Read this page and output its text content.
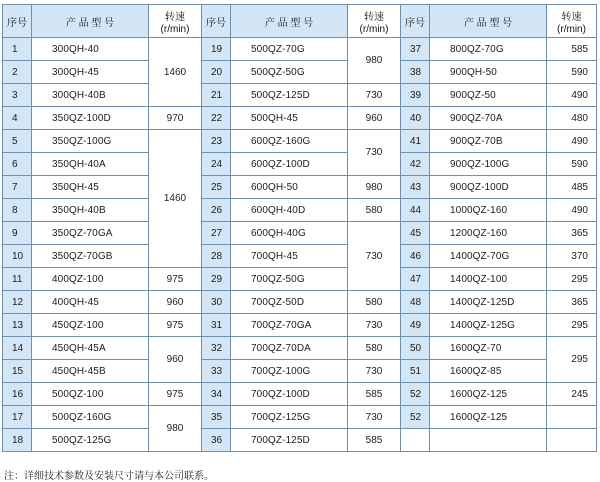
序号	产 品 型 号	转速
(r/min)	序号	产 品 型 号	转速
(r/min)	序号	产 品 型 号	转速
(r/min)

1	300QH-40	1460	19	500QZ-70G	980	37	800QZ-70G	585
2	300QH-45		20	500QZ-50G		38	900QH-50	590
3	300QH-40B		21	500QZ-125D	730	39	900QZ-50	490
4	350QZ-100D	970	22	500QH-45	960	40	900QZ-70A	480
5	350QZ-100G	1460	23	600QZ-160G	730	41	900QZ-70B	490
6	350QH-40A		24	600QZ-100D		42	900QZ-100G	590
7	350QH-45		25	600QH-50	980	43	900QZ-100D	485
8	350QH-40B		26	600QH-40D	580	44	1000QZ-160	490
9	350QZ-70GA		27	600QH-40G	730	45	1200QZ-160	365
10	350QZ-70GB		28	700QH-45		46	1400QZ-70G	370
11	400QZ-100	975	29	700QZ-50G		47	1400QZ-100	295
12	400QH-45	960	30	700QZ-50D	580	48	1400QZ-125D	365
13	450QZ-100	975	31	700QZ-70GA	730	49	1400QZ-125G	295
14	450QH-45A	960	32	700QZ-70DA	580	50	1600QZ-70	295
15	450QH-45B		33	700QZ-100G	730	51	1600QZ-85	
16	500QZ-100	975	34	700QZ-100D	585	52	1600QZ-125	245
17	500QZ-160G	980	35	700QZ-125G	730	52	1600QZ-125	
18	500QZ-125G		36	700QZ-125D	585			
注：详细技术参数及安装尺寸请与本公司联系。
